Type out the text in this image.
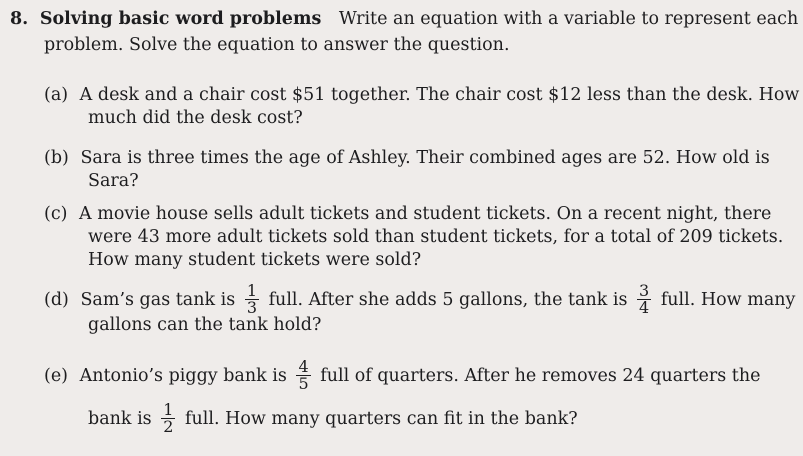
8. Solving basic word problems Write an equation with a variable to represent each
problem. Solve the equation to answer the question.
(a) A desk and a chair cost $51 together. The chair cost $12 less than the desk. How
much did the desk cost?
(b) Sara is three times the age of Ashley. Their combined ages are 52. How old is
Sara?
(c) A movie house sells adult tickets and student tickets. On a recent night, there
were 43 more adult tickets sold than student tickets, for a total of 209 tickets.
How many student tickets were sold?
(d) Sam’s gas tank is $\frac{1}{3}$ full. After she adds 5 gallons, the tank is $\frac{3}{4}$ full. How many
gallons can the tank hold?
(e) Antonio’s piggy bank is $\frac{4}{5}$ full of quarters. After he removes 24 quarters the
bank is $\frac{1}{2}$ full. How many quarters can fit in the bank?
